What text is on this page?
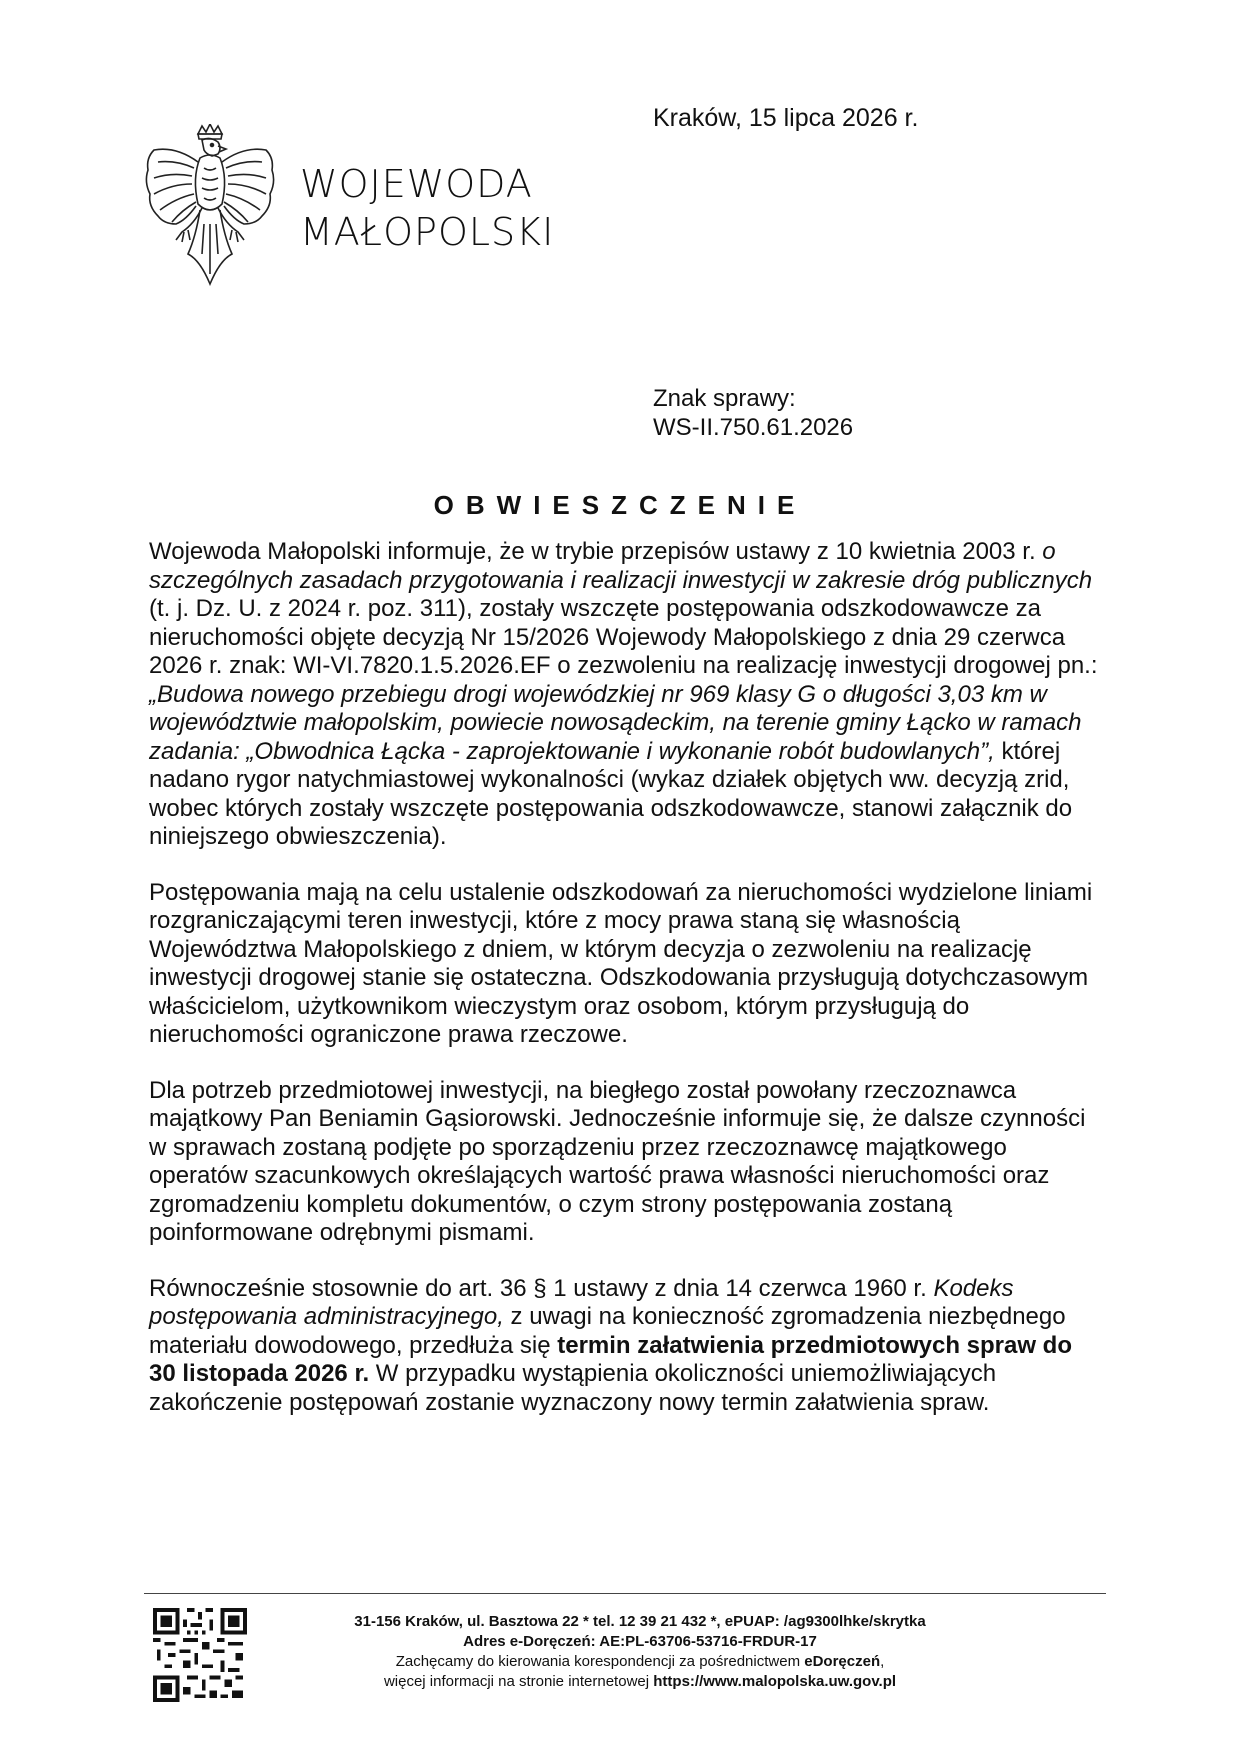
WOJEWODA
MAŁOPOLSKI
Kraków, 15 lipca 2026 r.
Znak sprawy:
WS-II.750.61.2026
OBWIESZCZENIE

Wojewoda Małopolski informuje, że w trybie przepisów ustawy z 10 kwietnia 2003 r. o szczególnych zasadach przygotowania i realizacji inwestycji w zakresie dróg publicznych (t. j. Dz. U. z 2024 r. poz. 311), zostały wszczęte postępowania odszkodowawcze za nieruchomości objęte decyzją Nr 15/2026 Wojewody Małopolskiego z dnia 29 czerwca 2026 r. znak: WI-VI.7820.1.5.2026.EF o zezwoleniu na realizację inwestycji drogowej pn.: „Budowa nowego przebiegu drogi wojewódzkiej nr 969 klasy G o długości 3,03 km w województwie małopolskim, powiecie nowosądeckim, na terenie gminy Łącko w ramach zadania: „Obwodnica Łącka - zaprojektowanie i wykonanie robót budowlanych”, której nadano rygor natychmiastowej wykonalności (wykaz działek objętych ww. decyzją zrid, wobec których zostały wszczęte postępowania odszkodowawcze, stanowi załącznik do niniejszego obwieszczenia).

Postępowania mają na celu ustalenie odszkodowań za nieruchomości wydzielone liniami rozgraniczającymi teren inwestycji, które z mocy prawa staną się własnością Województwa Małopolskiego z dniem, w którym decyzja o zezwoleniu na realizację inwestycji drogowej stanie się ostateczna. Odszkodowania przysługują dotychczasowym właścicielom, użytkownikom wieczystym oraz osobom, którym przysługują do nieruchomości ograniczone prawa rzeczowe.

Dla potrzeb przedmiotowej inwestycji, na biegłego został powołany rzeczoznawca majątkowy Pan Beniamin Gąsiorowski. Jednocześnie informuje się, że dalsze czynności w sprawach zostaną podjęte po sporządzeniu przez rzeczoznawcę majątkowego operatów szacunkowych określających wartość prawa własności nieruchomości oraz zgromadzeniu kompletu dokumentów, o czym strony postępowania zostaną poinformowane odrębnymi pismami.

Równocześnie stosownie do art. 36 § 1 ustawy z dnia 14 czerwca 1960 r. Kodeks postępowania administracyjnego, z uwagi na konieczność zgromadzenia niezbędnego materiału dowodowego, przedłuża się termin załatwienia przedmiotowych spraw do 30 listopada 2026 r. W przypadku wystąpienia okoliczności uniemożliwiających zakończenie postępowań zostanie wyznaczony nowy termin załatwienia spraw.

31-156 Kraków, ul. Basztowa 22 * tel. 12 39 21 432 *, ePUAP: /ag9300lhke/skrytka
Adres e-Doręczeń: AE:PL-63706-53716-FRDUR-17
Zachęcamy do kierowania korespondencji za pośrednictwem eDoręczeń,
więcej informacji na stronie internetowej https://www.malopolska.uw.gov.pl
